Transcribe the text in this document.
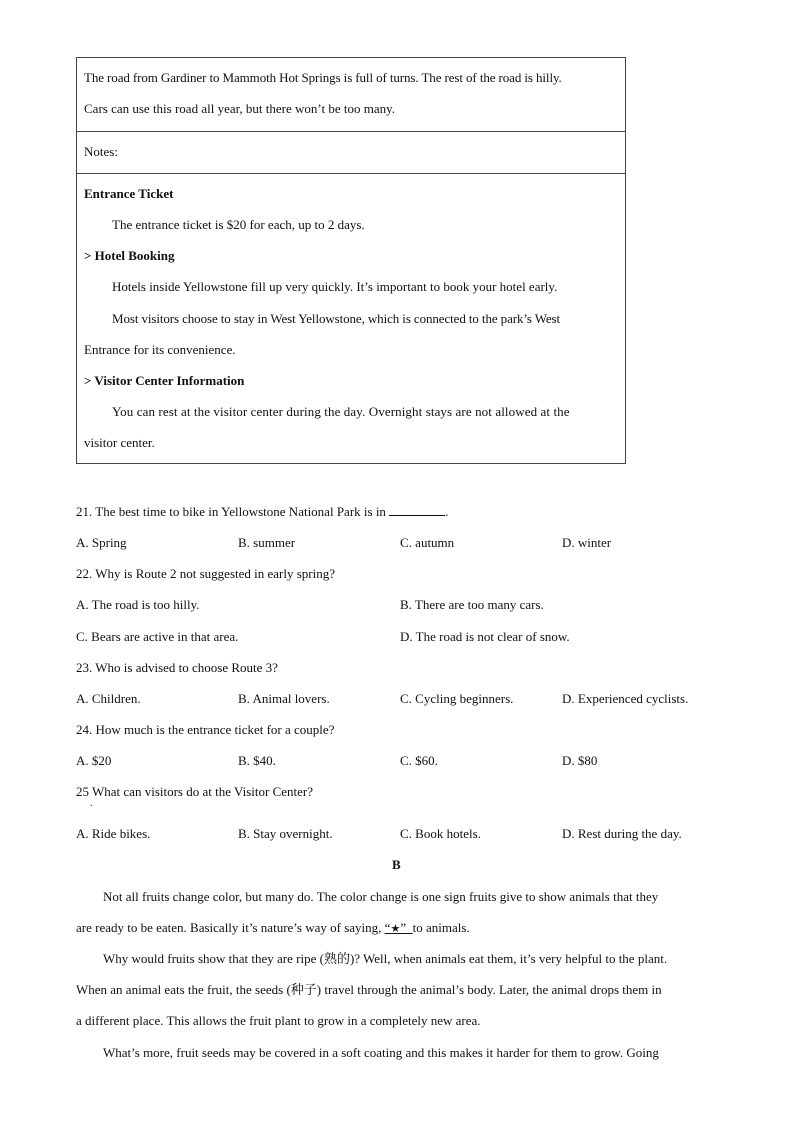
The road from Gardiner to Mammoth Hot Springs is full of turns. The rest of the road is hilly.
Cars can use this road all year, but there won’t be too many.
Notes:
Entrance Ticket
The entrance ticket is $20 for each, up to 2 days.
> Hotel Booking
Hotels inside Yellowstone fill up very quickly. It’s important to book your hotel early.
Most visitors choose to stay in West Yellowstone, which is connected to the park’s West
Entrance for its convenience.
> Visitor Center Information
You can rest at the visitor center during the day. Overnight stays are not allowed at the
visitor center.
21. The best time to bike in Yellowstone National Park is in	.
A. Spring	B. summer	C. autumn	D. winter
22. Why is Route 2 not suggested in early spring?
A. The road is too hilly.	B. There are too many cars.
C. Bears are active in that area.	D. The road is not clear of snow.
23. Who is advised to choose Route 3?
A. Children.	B. Animal lovers.	C. Cycling beginners.	D. Experienced cyclists.
24. How much is the entrance ticket for a couple?
A. $20	B. $40.	C. $60.	D. $80
25 What can visitors do at the Visitor Center?
.
A. Ride bikes.	B. Stay overnight.	C. Book hotels.	D. Rest during the day.
B
Not all fruits change color, but many do. The color change is one sign fruits give to show animals that they
are ready to be eaten. Basically it’s nature’s way of saying, “★” to animals.
Why would fruits show that they are ripe (熟的)? Well, when animals eat them, it’s very helpful to the plant.
When an animal eats the fruit, the seeds (种子) travel through the animal’s body. Later, the animal drops them in
a different place. This allows the fruit plant to grow in a completely new area.
What’s more, fruit seeds may be covered in a soft coating and this makes it harder for them to grow. Going
